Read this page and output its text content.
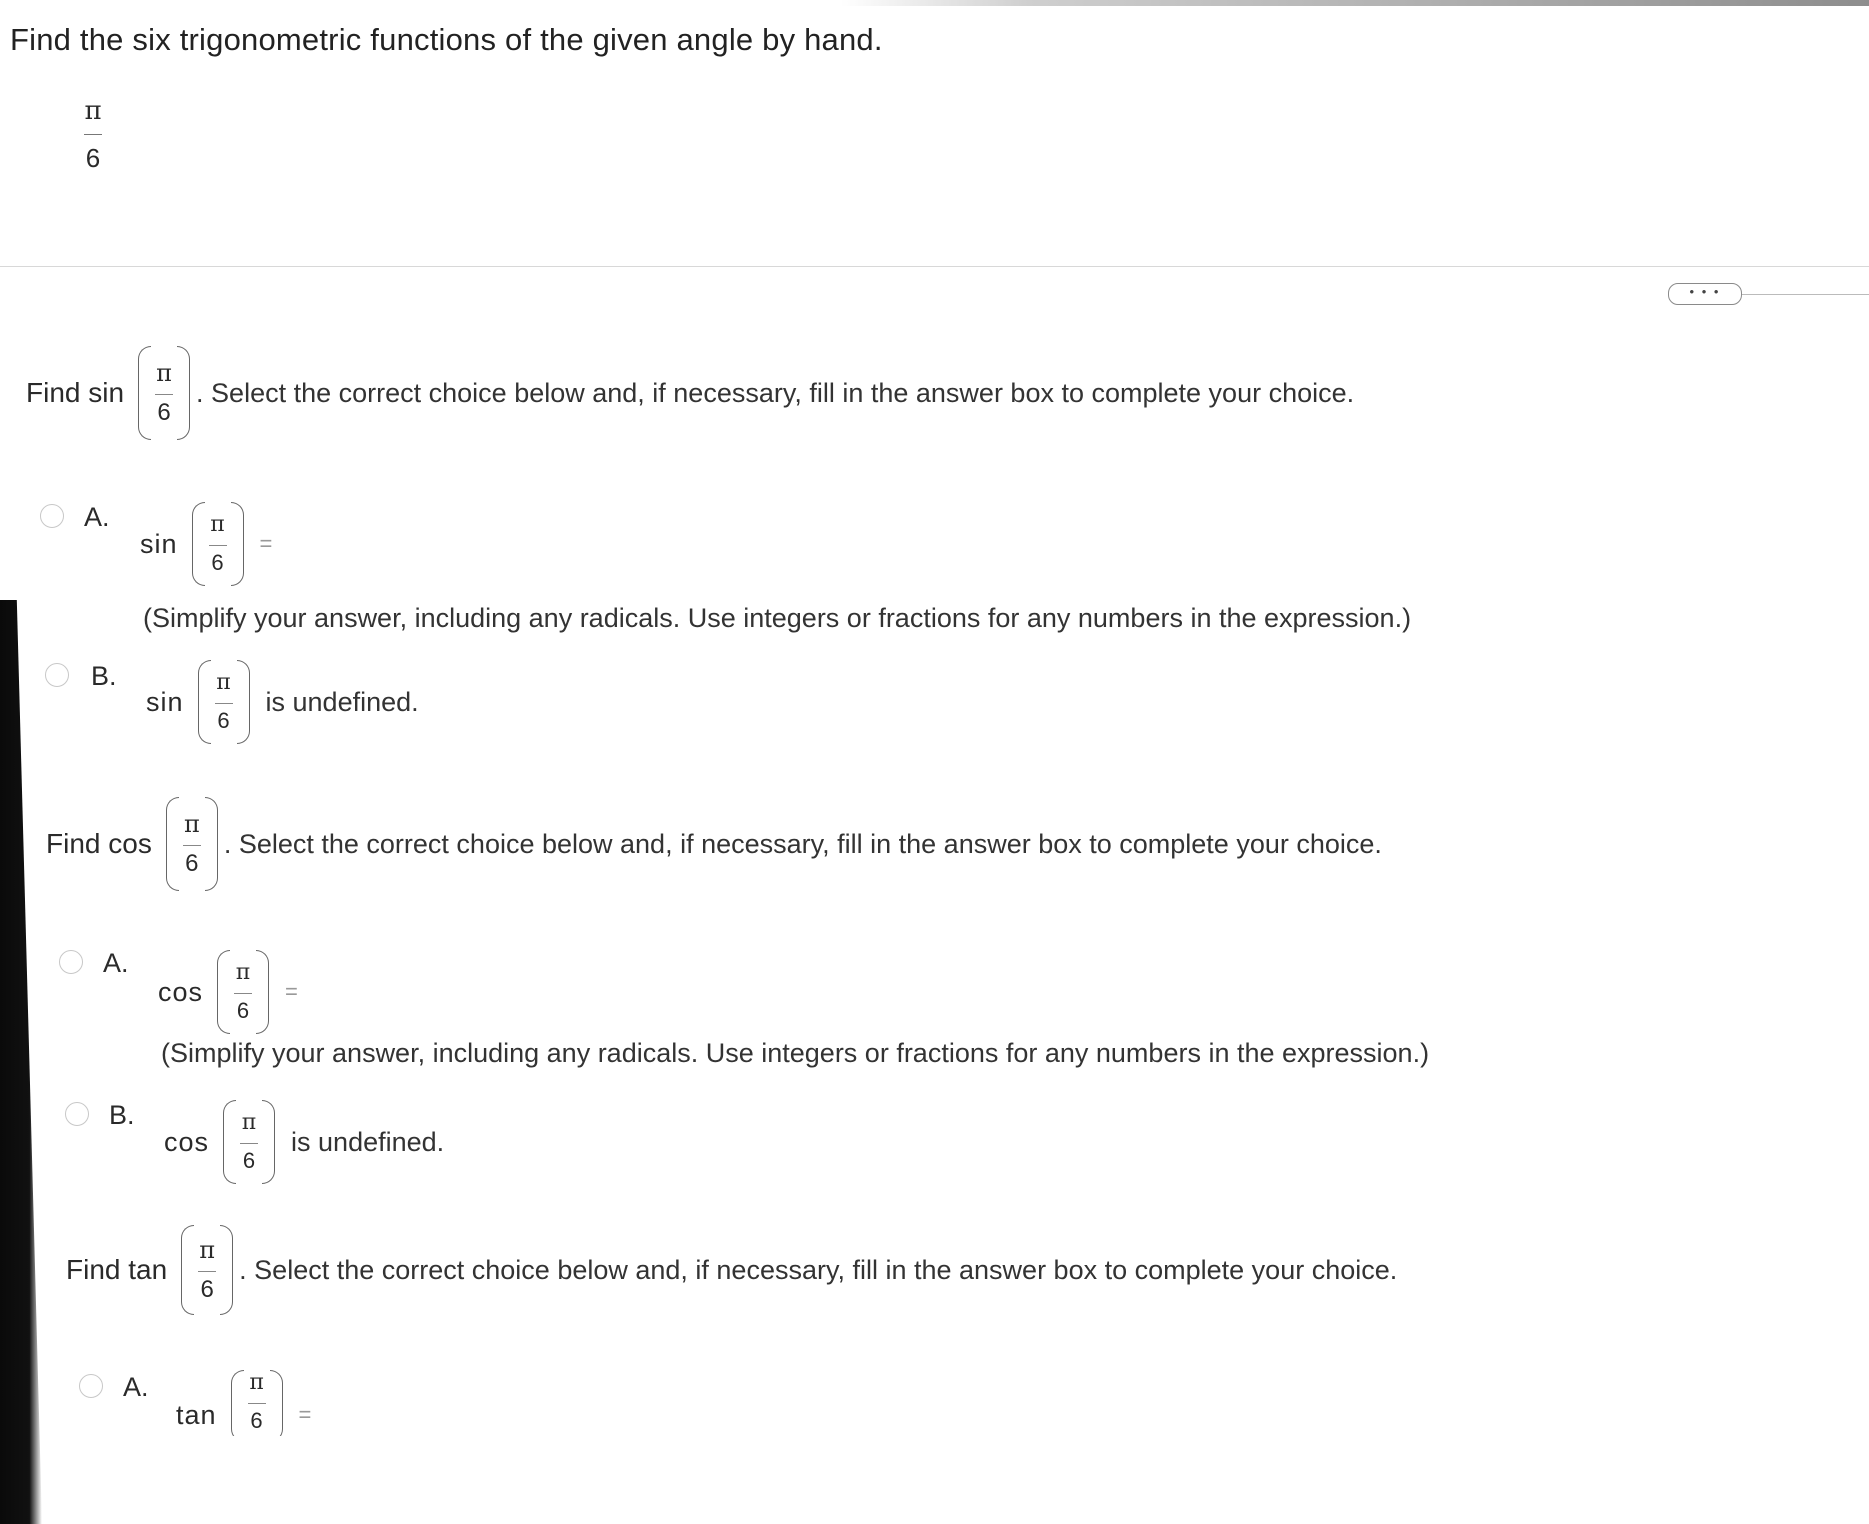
Find the six trigonometric functions of the given angle by hand.
π
6
• • •
Find $\sin \frac{\pi}{6}$ . Select the correct choice below and, if necessary, fill in the answer box to complete your choice.
A.
$\sin \frac{\pi}{6}$ =
(Simplify your answer, including any radicals. Use integers or fractions for any numbers in the expression.)
B.
$\sin \frac{\pi}{6}$ is undefined.
Find $\cos \frac{\pi}{6}$ . Select the correct choice below and, if necessary, fill in the answer box to complete your choice.
A.
$\cos \frac{\pi}{6}$ =
(Simplify your answer, including any radicals. Use integers or fractions for any numbers in the expression.)
B.
$\cos \frac{\pi}{6}$ is undefined.
Find $\tan \frac{\pi}{6}$ . Select the correct choice below and, if necessary, fill in the answer box to complete your choice.
A.
$\tan \frac{\pi}{6}$ =
